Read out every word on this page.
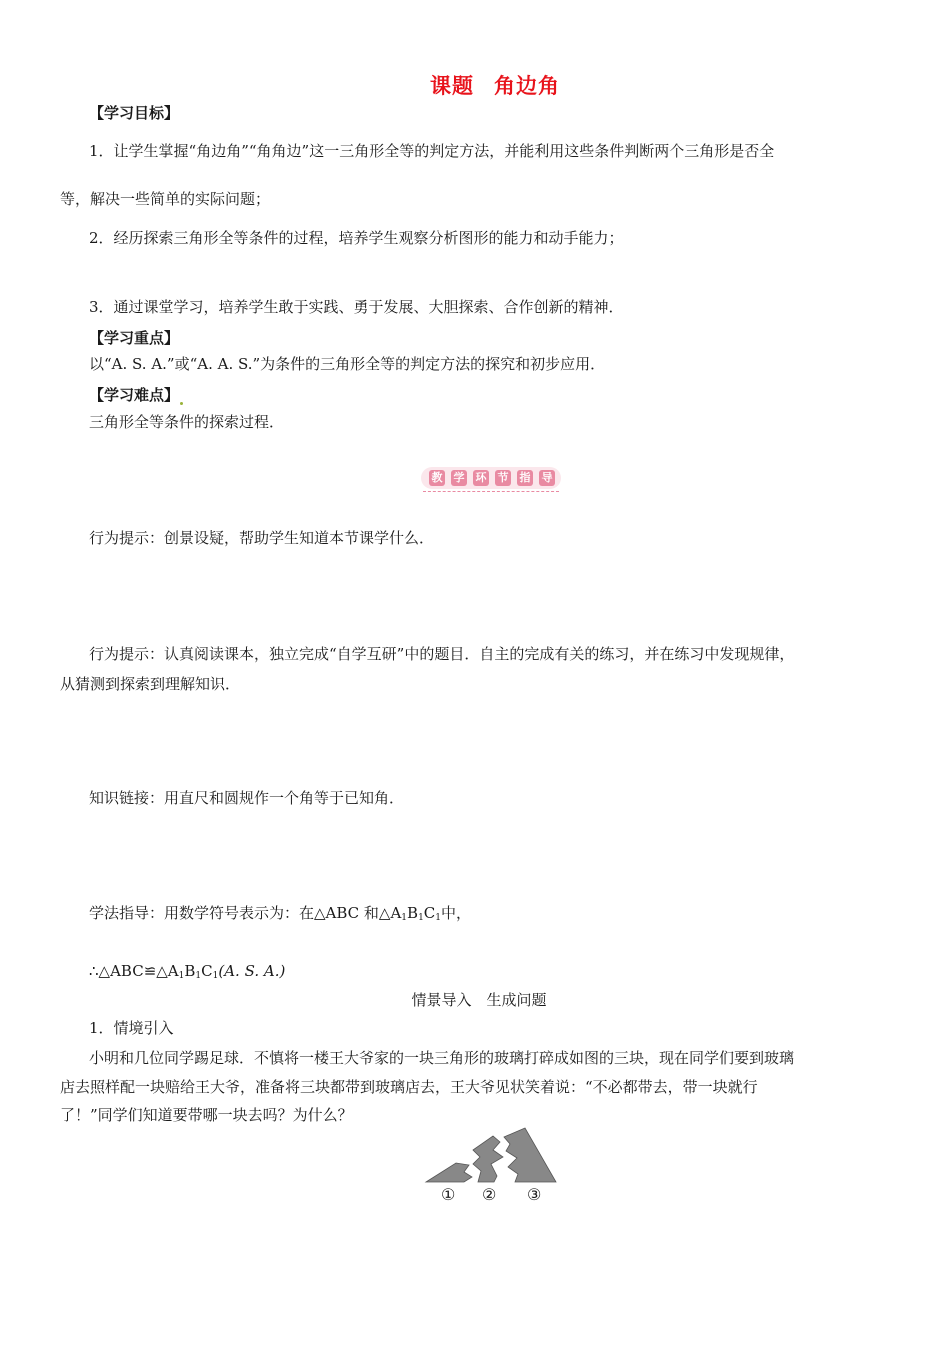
课题 角边角
【学习目标】
1．让学生掌握“角边角”“角角边”这一三角形全等的判定方法，并能利用这些条件判断两个三角形是否全
等，解决一些简单的实际问题；
2．经历探索三角形全等条件的过程，培养学生观察分析图形的能力和动手能力；
3．通过课堂学习，培养学生敢于实践、勇于发展、大胆探索、合作创新的精神．
【学习重点】
以“A. S. A.”或“A. A. S.”为条件的三角形全等的判定方法的探究和初步应用．
【学习难点】
三角形全等条件的探索过程．
教 学 环 节 指 导
行为提示：创景设疑，帮助学生知道本节课学什么．
行为提示：认真阅读课本，独立完成“自学互研”中的题目．自主的完成有关的练习，并在练习中发现规律，
从猜测到探索到理解知识．
知识链接：用直尺和圆规作一个角等于已知角．
学法指导：用数学符号表示为：在△ABC 和$\triangle A_1B_1C_1$中，
$\therefore\triangle ABC≌\triangle A_1B_1C_1(A$. S. A.)
情景导入　生成问题
1．情境引入
小明和几位同学踢足球．不慎将一楼王大爷家的一块三角形的玻璃打碎成如图的三块，现在同学们要到玻璃
店去照样配一块赔给王大爷，准备将三块都带到玻璃店去，王大爷见状笑着说：“不必都带去，带一块就行
了！”同学们知道要带哪一块去吗？为什么？
① ② ③
